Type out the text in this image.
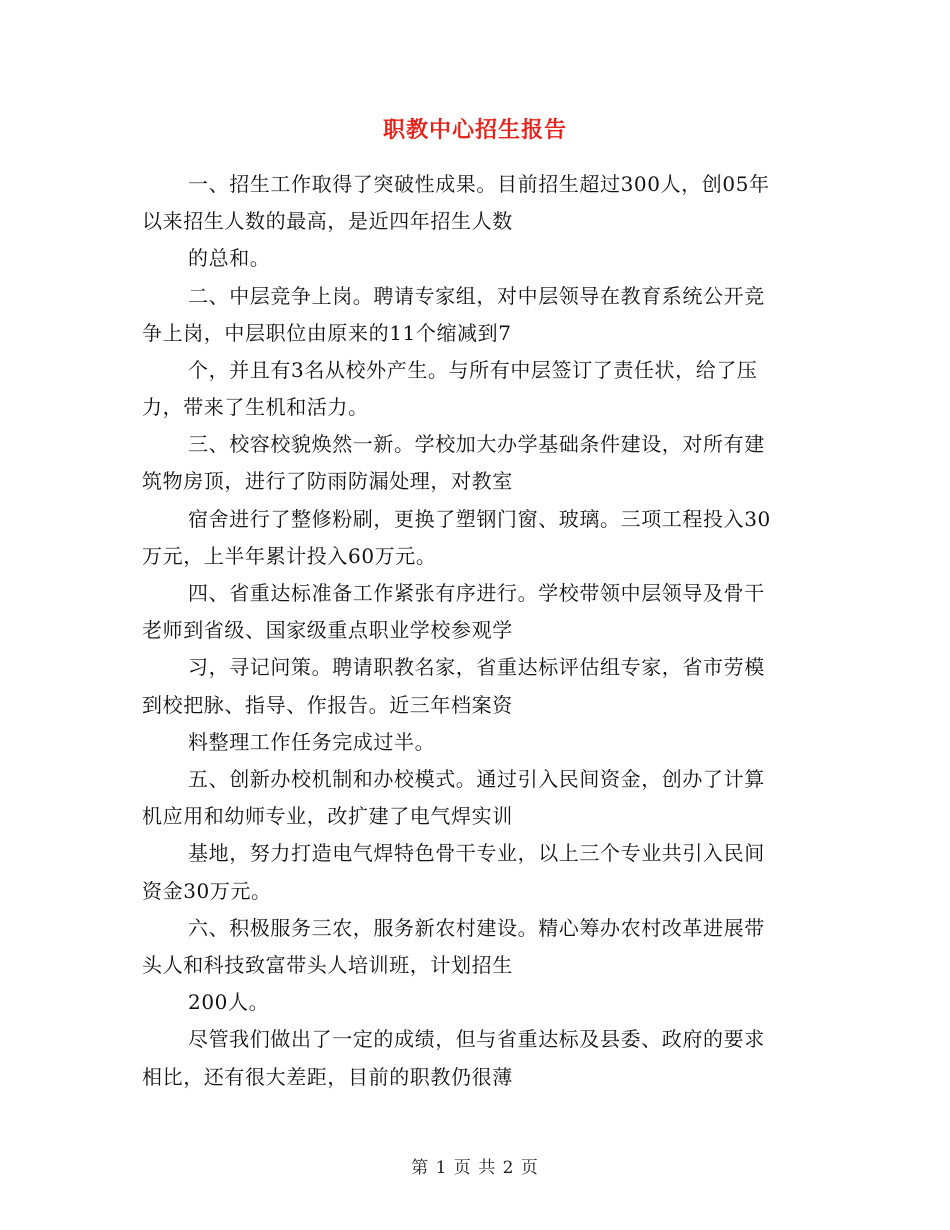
职教中心招生报告
一、招生工作取得了突破性成果。目前招生超过300人，创05年
以来招生人数的最高，是近四年招生人数
的总和。
二、中层竞争上岗。聘请专家组，对中层领导在教育系统公开竞
争上岗，中层职位由原来的11个缩减到7
个，并且有3名从校外产生。与所有中层签订了责任状，给了压
力，带来了生机和活力。
三、校容校貌焕然一新。学校加大办学基础条件建设，对所有建
筑物房顶，进行了防雨防漏处理，对教室
宿舍进行了整修粉刷，更换了塑钢门窗、玻璃。三项工程投入30
万元，上半年累计投入60万元。
四、省重达标准备工作紧张有序进行。学校带领中层领导及骨干
老师到省级、国家级重点职业学校参观学
习，寻记问策。聘请职教名家，省重达标评估组专家，省市劳模
到校把脉、指导、作报告。近三年档案资
料整理工作任务完成过半。
五、创新办校机制和办校模式。通过引入民间资金，创办了计算
机应用和幼师专业，改扩建了电气焊实训
基地，努力打造电气焊特色骨干专业，以上三个专业共引入民间
资金30万元。
六、积极服务三农，服务新农村建设。精心筹办农村改革进展带
头人和科技致富带头人培训班，计划招生
200人。
尽管我们做出了一定的成绩，但与省重达标及县委、政府的要求
相比，还有很大差距，目前的职教仍很薄
第 1 页 共 2 页
